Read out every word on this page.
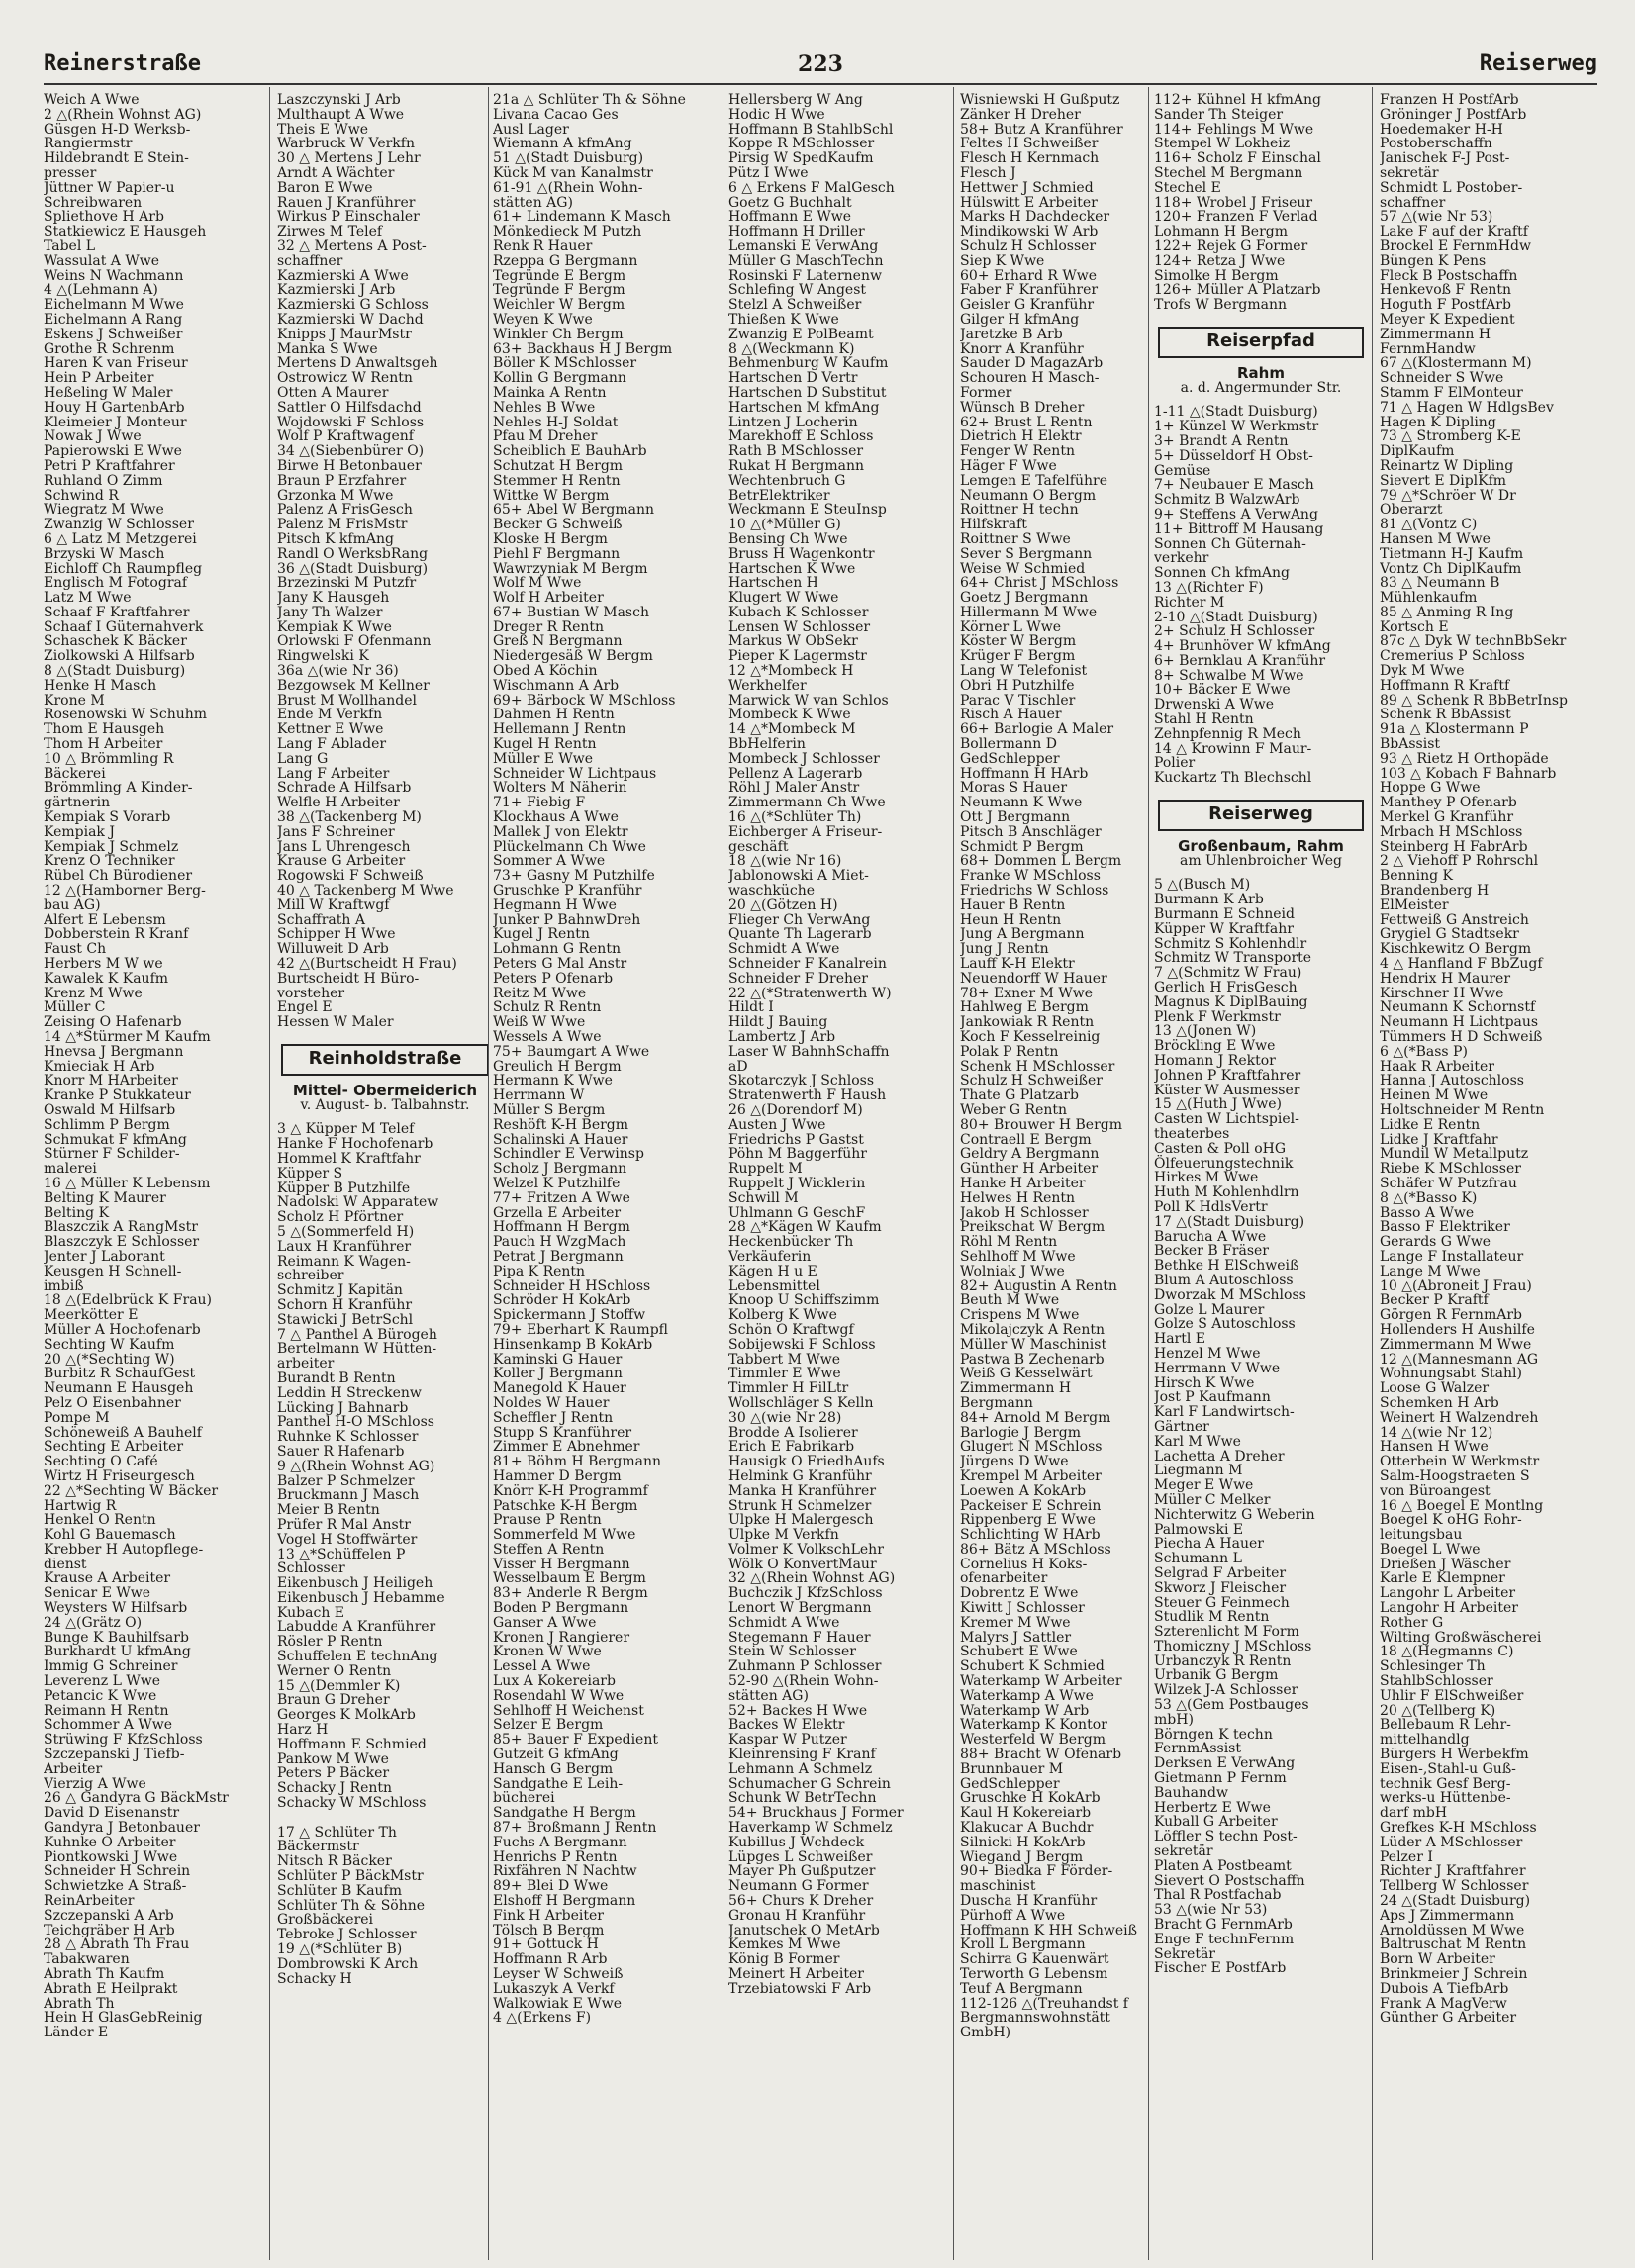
Reinerstraße	223	Reiserweg
Weich A Wwe
2 △(Rhein Wohnst AG)
Güsgen H-D Werksb-
Rangiermstr
Hildebrandt E Stein-
presser
Jüttner W Papier-u
Schreibwaren
Spliethove H Arb
Statkiewicz E Hausgeh
Tabel L
Wassulat A Wwe
Weins N Wachmann
4 △(Lehmann A)
Eichelmann M Wwe
Eichelmann A Rang
Eskens J Schweißer
Grothe R Schrenm
Haren K van Friseur
Hein P Arbeiter
Heßeling W Maler
Houy H GartenbArb
Kleimeier J Monteur
Nowak J Wwe
Papierowski E Wwe
Petri P Kraftfahrer
Ruhland O Zimm
Schwind R
Wiegratz M Wwe
Zwanzig W Schlosser
6 △ Latz M Metzgerei
Brzyski W Masch
Eichloff Ch Raumpfleg
Englisch M Fotograf
Latz M Wwe
Schaaf F Kraftfahrer
Schaaf I Güternahverk
Schaschek K Bäcker
Ziolkowski A Hilfsarb
8 △(Stadt Duisburg)
Henke H Masch
Krone M
Rosenowski W Schuhm
Thom E Hausgeh
Thom H Arbeiter
10 △ Brömmling R
Bäckerei
Brömmling A Kinder-
gärtnerin
Kempiak S Vorarb
Kempiak J
Kempiak J Schmelz
Krenz O Techniker
Rübel Ch Bürodiener
12 △(Hamborner Berg-
bau AG)
Alfert E Lebensm
Dobberstein R Kranf
Faust Ch
Herbers M W we
Kawalek K Kaufm
Krenz M Wwe
Müller C
Zeising O Hafenarb
14 △*Stürmer M Kaufm
Hnevsa J Bergmann
Kmieciak H Arb
Knorr M HArbeiter
Kranke P Stukkateur
Oswald M Hilfsarb
Schlimm P Bergm
Schmukat F kfmAng
Stürner F Schilder-
malerei
16 △ Müller K Lebensm
Belting K Maurer
Belting K
Blaszczik A RangMstr
Blaszczyk E Schlosser
Jenter J Laborant
Keusgen H Schnell-
imbiß
18 △(Edelbrück K Frau)
Meerkötter E
Müller A Hochofenarb
Sechting W Kaufm
20 △(*Sechting W)
Burbitz R SchaufGest
Neumann E Hausgeh
Pelz O Eisenbahner
Pompe M
Schöneweiß A Bauhelf
Sechting E Arbeiter
Sechting O Café
Wirtz H Friseurgesch
22 △*Sechting W Bäcker
Hartwig R
Henkel O Rentn
Kohl G Bauemasch
Krebber H Autopflege-
dienst
Krause A Arbeiter
Senicar E Wwe
Weysters W Hilfsarb
24 △(Grätz O)
Bunge K Bauhilfsarb
Burkhardt U kfmAng
Immig G Schreiner
Leverenz L Wwe
Petancic K Wwe
Reimann H Rentn
Schommer A Wwe
Strüwing F KfzSchloss
Szczepanski J Tiefb-
Arbeiter
Vierzig A Wwe
26 △ Gandyra G BäckMstr
David D Eisenanstr
Gandyra J Betonbauer
Kuhnke O Arbeiter
Piontkowski J Wwe
Schneider H Schrein
Schwietzke A Straß-
ReinArbeiter
Szczepanski A Arb
Teichgräber H Arb
28 △ Abrath Th Frau
Tabakwaren
Abrath Th Kaufm
Abrath E Heilprakt
Abrath Th
Hein H GlasGebReinig
Länder E
Laszczynski J Arb
Multhaupt A Wwe
Theis E Wwe
Warbruck W Verkfn
30 △ Mertens J Lehr
Arndt A Wächter
Baron E Wwe
Rauen J Kranführer
Wirkus P Einschaler
Zirwes M Telef
32 △ Mertens A Post-
schaffner
Kazmierski A Wwe
Kazmierski J Arb
Kazmierski G Schloss
Kazmierski W Dachd
Knipps J MaurMstr
Manka S Wwe
Mertens D Anwaltsgeh
Ostrowicz W Rentn
Otten A Maurer
Sattler O Hilfsdachd
Wojdowski F Schloss
Wolf P Kraftwagenf
34 △(Siebenbürer O)
Birwe H Betonbauer
Braun P Erzfahrer
Grzonka M Wwe
Palenz A FrisGesch
Palenz M FrisMstr
Pitsch K kfmAng
Randl O WerksbRang
36 △(Stadt Duisburg)
Brzezinski M Putzfr
Jany K Hausgeh
Jany Th Walzer
Kempiak K Wwe
Orlowski F Ofenmann
Ringwelski K
36a △(wie Nr 36)
Bezgowsek M Kellner
Brust M Wollhandel
Ende M Verkfn
Kettner E Wwe
Lang F Ablader
Lang G
Lang F Arbeiter
Schrade A Hilfsarb
Welfle H Arbeiter
38 △(Tackenberg M)
Jans F Schreiner
Jans L Uhrengesch
Krause G Arbeiter
Rogowski F Schweiß
40 △ Tackenberg M Wwe
Mill W Kraftwgf
Schaffrath A
Schipper H Wwe
Willuweit D Arb
42 △(Burtscheidt H Frau)
Burtscheidt H Büro-
vorsteher
Engel E
Hessen W Maler
Reinholdstraße
Mittel- Obermeiderich
v. August- b. Talbahnstr.
3 △ Küpper M Telef
Hanke F Hochofenarb
Hommel K Kraftfahr
Küpper S
Küpper B Putzhilfe
Nadolski W Apparatew
Scholz H Pförtner
5 △(Sommerfeld H)
Laux H Kranführer
Reimann K Wagen-
schreiber
Schmitz J Kapitän
Schorn H Kranführ
Stawicki J BetrSchl
7 △ Panthel A Bürogeh
Bertelmann W Hütten-
arbeiter
Burandt B Rentn
Leddin H Streckenw
Lücking J Bahnarb
Panthel H-O MSchloss
Ruhnke K Schlosser
Sauer R Hafenarb
9 △(Rhein Wohnst AG)
Balzer P Schmelzer
Bruckmann J Masch
Meier B Rentn
Prüfer R Mal Anstr
Vogel H Stoffwärter
13 △*Schüffelen P
Schlosser
Eikenbusch J Heiligeh
Eikenbusch J Hebamme
Kubach E
Labudde A Kranführer
Rösler P Rentn
Schuffelen E technAng
Werner O Rentn
15 △(Demmler K)
Braun G Dreher
Georges K MolkArb
Harz H
Hoffmann E Schmied
Pankow M Wwe
Peters P Bäcker
Schacky J Rentn
Schacky W MSchloss

17 △ Schlüter Th
Bäckermstr
Nitsch R Bäcker
Schlüter P BäckMstr
Schlüter B Kaufm
Schlüter Th & Söhne
Großbäckerei
Tebroke J Schlosser
19 △(*Schlüter B)
Dombrowski K Arch
Schacky H
21a △ Schlüter Th & Söhne
Livana Cacao Ges
Ausl Lager
Wiemann A kfmAng
51 △(Stadt Duisburg)
Kück M van Kanalmstr
61-91 △(Rhein Wohn-
stätten AG)
61+ Lindemann K Masch
Mönkedieck M Putzh
Renk R Hauer
Rzeppa G Bergmann
Tegründe E Bergm
Tegründe F Bergm
Weichler W Bergm
Weyen K Wwe
Winkler Ch Bergm
63+ Backhaus H J Bergm
Böller K MSchlosser
Kollin G Bergmann
Mainka A Rentn
Nehles B Wwe
Nehles H-J Soldat
Pfau M Dreher
Scheiblich E BauhArb
Schutzat H Bergm
Stemmer H Rentn
Wittke W Bergm
65+ Abel W Bergmann
Becker G Schweiß
Kloske H Bergm
Piehl F Bergmann
Wawrzyniak M Bergm
Wolf M Wwe
Wolf H Arbeiter
67+ Bustian W Masch
Dreger R Rentn
Greß N Bergmann
Niedergesäß W Bergm
Obed A Köchin
Wischmann A Arb
69+ Bärbock W MSchloss
Dahmen H Rentn
Hellemann J Rentn
Kugel H Rentn
Müller E Wwe
Schneider W Lichtpaus
Wolters M Näherin
71+ Fiebig F
Klockhaus A Wwe
Mallek J von Elektr
Plückelmann Ch Wwe
Sommer A Wwe
73+ Gasny M Putzhilfe
Gruschke P Kranführ
Hegmann H Wwe
Junker P BahnwDreh
Kugel J Rentn
Lohmann G Rentn
Peters G Mal Anstr
Peters P Ofenarb
Reitz M Wwe
Schulz R Rentn
Weiß W Wwe
Wessels A Wwe
75+ Baumgart A Wwe
Greulich H Bergm
Hermann K Wwe
Herrmann W
Müller S Bergm
Reshöft K-H Bergm
Schalinski A Hauer
Schindler E Verwinsp
Scholz J Bergmann
Welzel K Putzhilfe
77+ Fritzen A Wwe
Grzella E Arbeiter
Hoffmann H Bergm
Pauch H WzgMach
Petrat J Bergmann
Pipa K Rentn
Schneider H HSchloss
Schröder H KokArb
Spickermann J Stoffw
79+ Eberhart K Raumpfl
Hinsenkamp B KokArb
Kaminski G Hauer
Koller J Bergmann
Manegold K Hauer
Noldes W Hauer
Scheffler J Rentn
Stupp S Kranführer
Zimmer E Abnehmer
81+ Böhm H Bergmann
Hammer D Bergm
Knörr K-H Programmf
Patschke K-H Bergm
Prause P Rentn
Sommerfeld M Wwe
Steffen A Rentn
Visser H Bergmann
Wesselbaum E Bergm
83+ Anderle R Bergm
Boden P Bergmann
Ganser A Wwe
Kronen J Rangierer
Kronen W Wwe
Lessel A Wwe
Lux A Kokereiarb
Rosendahl W Wwe
Sehlhoff H Weichenst
Selzer E Bergm
85+ Bauer F Expedient
Gutzeit G kfmAng
Hansch G Bergm
Sandgathe E Leih-
bücherei
Sandgathe H Bergm
87+ Broßmann J Rentn
Fuchs A Bergmann
Henrichs P Rentn
Rixfähren N Nachtw
89+ Blei D Wwe
Elshoff H Bergmann
Fink H Arbeiter
Tölsch B Bergm
91+ Gottuck H
Hoffmann R Arb
Leyser W Schweiß
Lukaszyk A Verkf
Walkowiak E Wwe
4 △(Erkens F)
Hellersberg W Ang
Hodic H Wwe
Hoffmann B StahlbSchl
Koppe R MSchlosser
Pirsig W SpedKaufm
Pütz I Wwe
6 △ Erkens F MalGesch
Goetz G Buchhalt
Hoffmann E Wwe
Hoffmann H Driller
Lemanski E VerwAng
Müller G MaschTechn
Rosinski F Laternenw
Schlefing W Angest
Stelzl A Schweißer
Thießen K Wwe
Zwanzig E PolBeamt
8 △(Weckmann K)
Behmenburg W Kaufm
Hartschen D Vertr
Hartschen D Substitut
Hartschen M kfmAng
Lintzen J Locherin
Marekhoff E Schloss
Rath B MSchlosser
Rukat H Bergmann
Wechtenbruch G
BetrElektriker
Weckmann E SteuInsp
10 △(*Müller G)
Bensing Ch Wwe
Bruss H Wagenkontr
Hartschen K Wwe
Hartschen H
Klugert W Wwe
Kubach K Schlosser
Lensen W Schlosser
Markus W ObSekr
Pieper K Lagermstr
12 △*Mombeck H
Werkhelfer
Marwick W van Schlos
Mombeck K Wwe
14 △*Mombeck M
BbHelferin
Mombeck J Schlosser
Pellenz A Lagerarb
Röhl J Maler Anstr
Zimmermann Ch Wwe
16 △(*Schlüter Th)
Eichberger A Friseur-
geschäft
18 △(wie Nr 16)
Jablonowski A Miet-
waschküche
20 △(Götzen H)
Flieger Ch VerwAng
Quante Th Lagerarb
Schmidt A Wwe
Schneider F Kanalrein
Schneider F Dreher
22 △(*Stratenwerth W)
Hildt I
Hildt J Bauing
Lambertz J Arb
Laser W BahnhSchaffn
aD
Skotarczyk J Schloss
Stratenwerth F Haush
26 △(Dorendorf M)
Austen J Wwe
Friedrichs P Gastst
Pöhn M Baggerführ
Ruppelt M
Ruppelt J Wicklerin
Schwill M
Uhlmann G GeschF
28 △*Kägen W Kaufm
Heckenbücker Th
Verkäuferin
Kägen H u E
Lebensmittel
Knoop U Schiffszimm
Kolberg K Wwe
Schön O Kraftwgf
Sobijewski F Schloss
Tabbert M Wwe
Timmler E Wwe
Timmler H FilLtr
Wollschläger S Kelln
30 △(wie Nr 28)
Brodde A Isolierer
Erich E Fabrikarb
Hausigk O FriedhAufs
Helmink G Kranführ
Manka H Kranführer
Strunk H Schmelzer
Ulpke H Malergesch
Ulpke M Verkfn
Volmer K VolkschLehr
Wölk O KonvertMaur
32 △(Rhein Wohnst AG)
Buchczik J KfzSchloss
Lenort W Bergmann
Schmidt A Wwe
Stegemann F Hauer
Stein W Schlosser
Zuhmann P Schlosser
52-90 △(Rhein Wohn-
stätten AG)
52+ Backes H Wwe
Backes W Elektr
Kaspar W Putzer
Kleinrensing F Kranf
Lehmann A Schmelz
Schumacher G Schrein
Schunk W BetrTechn
54+ Bruckhaus J Former
Haverkamp W Schmelz
Kubillus J Wchdeck
Lüpges L Schweißer
Mayer Ph Gußputzer
Neumann G Former
56+ Churs K Dreher
Gronau H Kranführ
Janutschek O MetArb
Kemkes M Wwe
König B Former
Meinert H Arbeiter
Trzebiatowski F Arb
Wisniewski H Gußputz
Zänker H Dreher
58+ Butz A Kranführer
Feltes H Schweißer
Flesch H Kernmach
Flesch J
Hettwer J Schmied
Hülswitt E Arbeiter
Marks H Dachdecker
Mindikowski W Arb
Schulz H Schlosser
Siep K Wwe
60+ Erhard R Wwe
Faber F Kranführer
Geisler G Kranführ
Gilger H kfmAng
Jaretzke B Arb
Knorr A Kranführ
Sauder D MagazArb
Schouren H Masch-
Former
Wünsch B Dreher
62+ Brust L Rentn
Dietrich H Elektr
Fenger W Rentn
Häger F Wwe
Lemgen E Tafelführe
Neumann O Bergm
Roittner H techn
Hilfskraft
Roittner S Wwe
Sever S Bergmann
Weise W Schmied
64+ Christ J MSchloss
Goetz J Bergmann
Hillermann M Wwe
Körner L Wwe
Köster W Bergm
Krüger F Bergm
Lang W Telefonist
Obri H Putzhilfe
Parac V Tischler
Risch A Hauer
66+ Barlogie A Maler
Bollermann D
GedSchlepper
Hoffmann H HArb
Moras S Hauer
Neumann K Wwe
Ott J Bergmann
Pitsch B Anschläger
Schmidt P Bergm
68+ Dommen L Bergm
Franke W MSchloss
Friedrichs W Schloss
Hauer B Rentn
Heun H Rentn
Jung A Bergmann
Jung J Rentn
Lauff K-H Elektr
Neuendorff W Hauer
78+ Exner M Wwe
Hahlweg E Bergm
Jankowiak R Rentn
Koch F Kesselreinig
Polak P Rentn
Schenk H MSchlosser
Schulz H Schweißer
Thate G Platzarb
Weber G Rentn
80+ Brouwer H Bergm
Contraell E Bergm
Geldry A Bergmann
Günther H Arbeiter
Hanke H Arbeiter
Helwes H Rentn
Jakob H Schlosser
Preikschat W Bergm
Röhl M Rentn
Sehlhoff M Wwe
Wolniak J Wwe
82+ Augustin A Rentn
Beuth M Wwe
Crispens M Wwe
Mikolajczyk A Rentn
Müller W Maschinist
Pastwa B Zechenarb
Weiß G Kesselwärt
Zimmermann H
Bergmann
84+ Arnold M Bergm
Barlogie J Bergm
Glugert N MSchloss
Jürgens D Wwe
Krempel M Arbeiter
Loewen A KokArb
Packeiser E Schrein
Rippenberg E Wwe
Schlichting W HArb
86+ Bätz A MSchloss
Cornelius H Koks-
ofenarbeiter
Dobrentz E Wwe
Kiwitt J Schlosser
Kremer M Wwe
Malyrs J Sattler
Schubert E Wwe
Schubert K Schmied
Waterkamp W Arbeiter
Waterkamp A Wwe
Waterkamp W Arb
Waterkamp K Kontor
Westerfeld W Bergm
88+ Bracht W Ofenarb
Brunnbauer M
GedSchlepper
Gruschke H KokArb
Kaul H Kokereiarb
Klakucar A Buchdr
Silnicki H KokArb
Wiegand J Bergm
90+ Biedka F Förder-
maschinist
Duscha H Kranführ
Pürhoff A Wwe
Hoffmann K HH Schweiß
Kroll L Bergmann
Schirra G Kauenwärt
Terworth G Lebensm
Teuf A Bergmann
112-126 △(Treuhandst f
Bergmannswohnstätt
GmbH)
112+ Kühnel H kfmAng
Sander Th Steiger
114+ Fehlings M Wwe
Stempel W Lokheiz
116+ Scholz F Einschal
Stechel M Bergmann
Stechel E
118+ Wrobel J Friseur
120+ Franzen F Verlad
Lohmann H Bergm
122+ Rejek G Former
124+ Retza J Wwe
Simolke H Bergm
126+ Müller A Platzarb
Trofs W Bergmann
Reiserpfad
Rahm
a. d. Angermunder Str.
1-11 △(Stadt Duisburg)
1+ Künzel W Werkmstr
3+ Brandt A Rentn
5+ Düsseldorf H Obst-
Gemüse
7+ Neubauer E Masch
Schmitz B WalzwArb
9+ Steffens A VerwAng
11+ Bittroff M Hausang
Sonnen Ch Güternah-
verkehr
Sonnen Ch kfmAng
13 △(Richter F)
Richter M
2-10 △(Stadt Duisburg)
2+ Schulz H Schlosser
4+ Brunhöver W kfmAng
6+ Bernklau A Kranführ
8+ Schwalbe M Wwe
10+ Bäcker E Wwe
Drwenski A Wwe
Stahl H Rentn
Zehnpfennig R Mech
14 △ Krowinn F Maur-
Polier
Kuckartz Th Blechschl
Reiserweg
Großenbaum, Rahm
am Uhlenbroicher Weg
5 △(Busch M)
Burmann K Arb
Burmann E Schneid
Küpper W Kraftfahr
Schmitz S Kohlenhdlr
Schmitz W Transporte
7 △(Schmitz W Frau)
Gerlich H FrisGesch
Magnus K DiplBauing
Plenk F Werkmstr
13 △(Jonen W)
Bröckling E Wwe
Homann J Rektor
Johnen P Kraftfahrer
Küster W Ausmesser
15 △(Huth J Wwe)
Casten W Lichtspiel-
theaterbes
Casten & Poll oHG
Ölfeuerungstechnik
Hirkes M Wwe
Huth M Kohlenhdlrn
Poll K HdlsVertr
17 △(Stadt Duisburg)
Barucha A Wwe
Becker B Fräser
Bethke H ElSchweiß
Blum A Autoschloss
Dworzak M MSchloss
Golze L Maurer
Golze S Autoschloss
Hartl E
Henzel M Wwe
Herrmann V Wwe
Hirsch K Wwe
Jost P Kaufmann
Karl F Landwirtsch-
Gärtner
Karl M Wwe
Lachetta A Dreher
Liegmann M
Meger E Wwe
Müller C Melker
Nichterwitz G Weberin
Palmowski E
Piecha A Hauer
Schumann L
Selgrad F Arbeiter
Skworz J Fleischer
Steuer G Feinmech
Studlik M Rentn
Szterenlicht M Form
Thomiczny J MSchloss
Urbanczyk R Rentn
Urbanik G Bergm
Wilzek J-A Schlosser
53 △(Gem Postbauges
mbH)
Börngen K techn
FernmAssist
Derksen E VerwAng
Gietmann P Fernm
Bauhandw
Herbertz E Wwe
Kuball G Arbeiter
Löffler S techn Post-
sekretär
Platen A Postbeamt
Sievert O Postschaffn
Thal R Postfachab
53 △(wie Nr 53)
Bracht G FernmArb
Enge F technFernm
Sekretär
Fischer E PostfArb
Franzen H PostfArb
Gröninger J PostfArb
Hoedemaker H-H
Postoberschaffn
Janischek F-J Post-
sekretär
Schmidt L Postober-
schaffner
57 △(wie Nr 53)
Lake F auf der Kraftf
Brockel E FernmHdw
Büngen K Pens
Fleck B Postschaffn
Henkevoß F Rentn
Hoguth F PostfArb
Meyer K Expedient
Zimmermann H
FernmHandw
67 △(Klostermann M)
Schneider S Wwe
Stamm F ElMonteur
71 △ Hagen W HdlgsBev
Hagen K Dipling
73 △ Stromberg K-E
DiplKaufm
Reinartz W Dipling
Sievert E DiplKfm
79 △*Schröer W Dr
Oberarzt
81 △(Vontz C)
Hansen M Wwe
Tietmann H-J Kaufm
Vontz Ch DiplKaufm
83 △ Neumann B
Mühlenkaufm
85 △ Anming R Ing
Kortsch E
87c △ Dyk W technBbSekr
Cremerius P Schloss
Dyk M Wwe
Hoffmann R Kraftf
89 △ Schenk R BbBetrInsp
Schenk R BbAssist
91a △ Klostermann P
BbAssist
93 △ Rietz H Orthopäde
103 △ Kobach F Bahnarb
Hoppe G Wwe
Manthey P Ofenarb
Merkel G Kranführ
Mrbach H MSchloss
Steinberg H FabrArb
2 △ Viehoff P Rohrschl
Benning K
Brandenberg H
ElMeister
Fettweiß G Anstreich
Grygiel G Stadtsekr
Kischkewitz O Bergm
4 △ Hanfland F BbZugf
Hendrix H Maurer
Kirschner H Wwe
Neumann K Schornstf
Neumann H Lichtpaus
Tümmers H D Schweiß
6 △(*Bass P)
Haak R Arbeiter
Hanna J Autoschloss
Heinen M Wwe
Holtschneider M Rentn
Lidke E Rentn
Lidke J Kraftfahr
Mundil W Metallputz
Riebe K MSchlosser
Schäfer W Putzfrau
8 △(*Basso K)
Basso A Wwe
Basso F Elektriker
Gerards G Wwe
Lange F Installateur
Lange M Wwe
10 △(Abroneit J Frau)
Becker P Kraftf
Görgen R FernmArb
Hollenders H Aushilfe
Zimmermann M Wwe
12 △(Mannesmann AG
Wohnungsabt Stahl)
Loose G Walzer
Schemken H Arb
Weinert H Walzendreh
14 △(wie Nr 12)
Hansen H Wwe
Otterbein W Werkmstr
Salm-Hoogstraeten S
von Büroangest
16 △ Boegel E Montlng
Boegel K oHG Rohr-
leitungsbau
Boegel L Wwe
Drießen J Wäscher
Karle E Klempner
Langohr L Arbeiter
Langohr H Arbeiter
Rother G
Wilting Großwäscherei
18 △(Hegmanns C)
Schlesinger Th
StahlbSchlosser
Uhlir F ElSchweißer
20 △(Tellberg K)
Bellebaum R Lehr-
mittelhandlg
Bürgers H Werbekfm
Eisen-,Stahl-u Guß-
technik Gesf Berg-
werks-u Hüttenbe-
darf mbH
Grefkes K-H MSchloss
Lüder A MSchlosser
Pelzer I
Richter J Kraftfahrer
Tellberg W Schlosser
24 △(Stadt Duisburg)
Aps J Zimmermann
Arnoldüssen M Wwe
Baltruschat M Rentn
Born W Arbeiter
Brinkmeier J Schrein
Dubois A TiefbArb
Frank A MagVerw
Günther G Arbeiter
